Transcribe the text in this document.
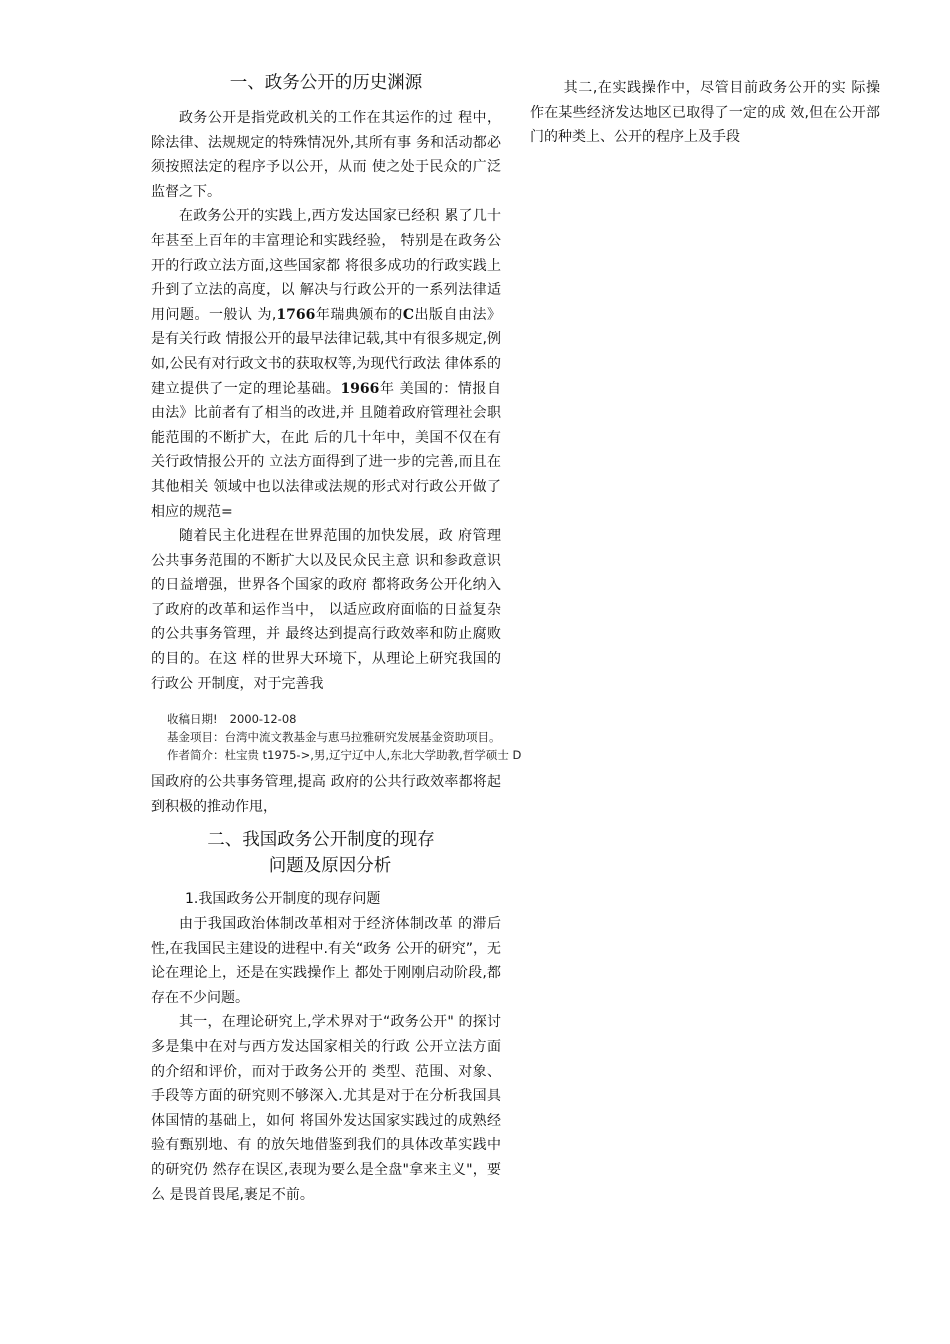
一、政务公开的历史渊源

政务公开是指党政机关的工作在其运作的过 程中，除法律、法规规定的特殊情况外,其所有事 务和活动都必须按照法定的程序予以公开，从而 使之处于民众的广泛监督之下。

在政务公开的实践上,西方发达国家已经积 累了几十年甚至上百年的丰富理论和实践经验， 特别是在政务公开的行政立法方面,这些国家都 将很多成功的行政实践上升到了立法的高度，以 解决与行政公开的一系列法律适用问题。一般认 为,1766年瑞典颁布的C出版自由法》是有关行政 情报公开的最早法律记载,其中有很多规定,例 如,公民有对行政文书的获取权等,为现代行政法 律体系的建立提供了一定的理论基础。1966年 美国的：情报自由法》比前者有了相当的改进,并 且随着政府管理社会职能范围的不断扩大，在此 后的几十年中，美国不仅在有关行政情报公开的 立法方面得到了进一步的完善,而且在其他相关 领域中也以法律或法规的形式对行政公开做了相应的规范=

随着民主化进程在世界范围的加快发展，政 府管理公共事务范围的不断扩大以及民众民主意 识和参政意识的日益增强，世界各个国家的政府 都将政务公开化纳入了政府的改革和运作当中， 以适应政府面临的日益复杂的公共事务管理，并 最终达到提高行政效率和防止腐败的目的。在这 样的世界大环境下，从理论上研究我国的行政公 开制度，对于完善我

收稿日期! 2000-12-08
基金项目：台湾中流文教基金与恵马拉雅研究发展基金资助项目。
作者简介：杜宝贵 t1975->,男,辽宁辽中人,东北大学助教,哲学硕士 D

国政府的公共事务管理,提高 政府的公共行政效率都将起到积极的推动作甩，

二、我国政务公开制度的现存
问题及原因分析
1.我国政务公开制度的现存问题

由于我国政治体制改革相对于经济体制改革 的滞后性,在我国民主建设的进程中.有关“政务 公开的研究”，无论在理论上，还是在实践操作上 都处于刚刚启动阶段,都存在不少问题。

其一，在理论研究上,学术界对于“政务公开" 的探讨多是集中在对与西方发达国家相关的行政 公开立法方面的介绍和评价，而对于政务公开的 类型、范围、对象、手段等方面的研究则不够深入.尤其是对于在分析我国具体国情的基础上，如何 将国外发达国家实践过的成熟经验有甄别地、有 的放矢地借鉴到我们的具体改革实践中的研究仍 然存在误区,表现为要么是全盘"拿来主义"，要么 是畏首畏尾,裹足不前。

其二,在实践操作中，尽管目前政务公开的实 际操作在某些经济发达地区已取得了一定的成 效,但在公开部门的种类上、公开的程序上及手段
